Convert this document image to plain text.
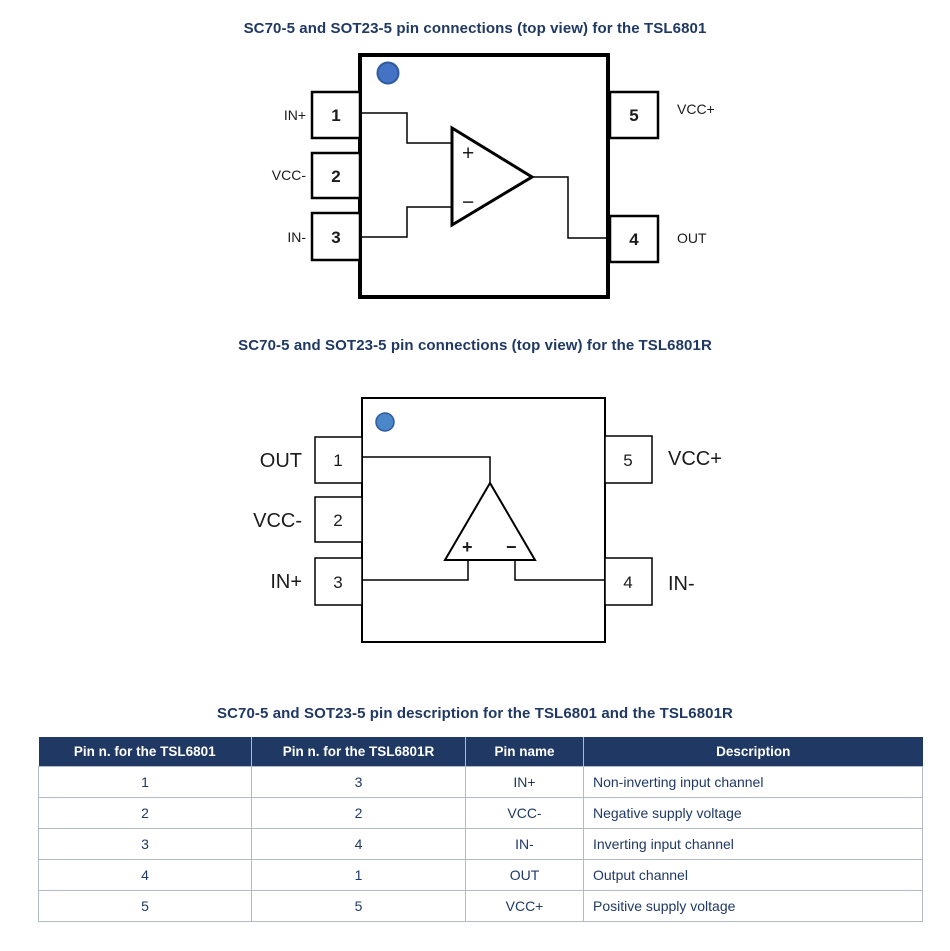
SC70-5 and SOT23-5 pin connections (top view) for the TSL6801
+
−
1
2
3
5
4
IN+
VCC-
IN-
VCC+
OUT
SC70-5 and SOT23-5 pin connections (top view) for the TSL6801R
+ −
1
2
3
5
4
OUT
VCC-
IN+
VCC+
IN-
SC70-5 and SOT23-5 pin description for the TSL6801 and the TSL6801R
Pin n. for the TSL6801	Pin n. for the TSL6801R	Pin name	Description
1	3	IN+	Non-inverting input channel
2	2	VCC-	Negative supply voltage
3	4	IN-	Inverting input channel
4	1	OUT	Output channel
5	5	VCC+	Positive supply voltage
